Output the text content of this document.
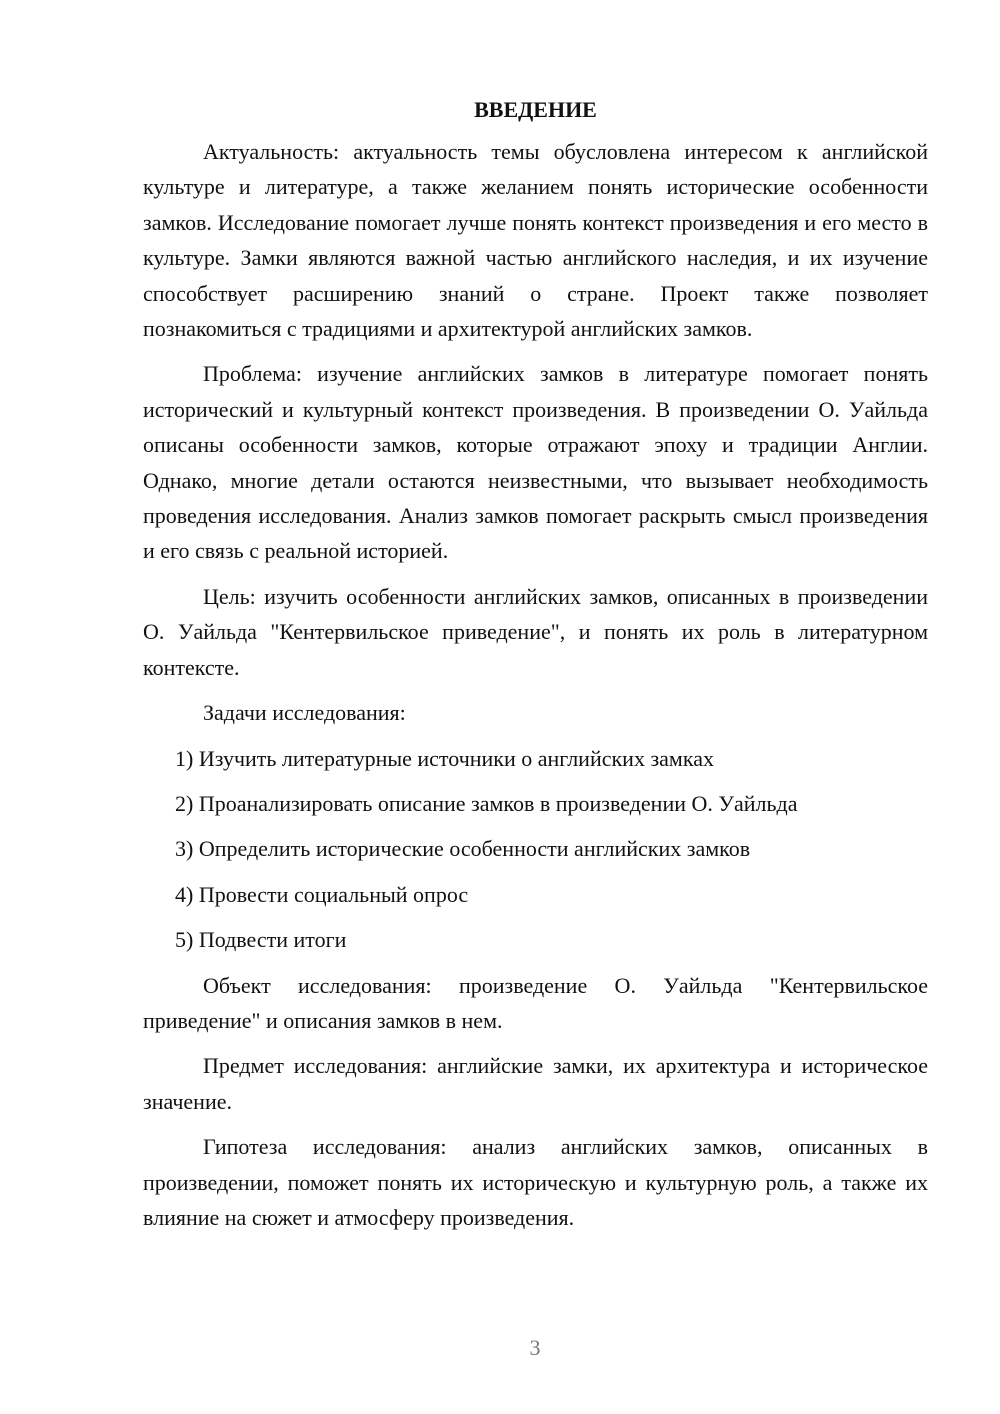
ВВЕДЕНИЕ

Актуальность: актуальность темы обусловлена интересом к английской культуре и литературе, а также желанием понять исторические особенности замков. Исследование помогает лучше понять контекст произведения и его место в культуре. Замки являются важной частью английского наследия, и их изучение способствует расширению знаний о стране. Проект также позволяет познакомиться с традициями и архитектурой английских замков.

Проблема: изучение английских замков в литературе помогает понять исторический и культурный контекст произведения. В произведении О. Уайльда описаны особенности замков, которые отражают эпоху и традиции Англии. Однако, многие детали остаются неизвестными, что вызывает необходимость проведения исследования. Анализ замков помогает раскрыть смысл произведения и его связь с реальной историей.

Цель: изучить особенности английских замков, описанных в произведении О. Уайльда "Кентервильское приведение", и понять их роль в литературном контексте.

Задачи исследования:

1) Изучить литературные источники о английских замках

2) Проанализировать описание замков в произведении О. Уайльда

3) Определить исторические особенности английских замков

4) Провести социальный опрос

5) Подвести итоги

Объект исследования: произведение О. Уайльда "Кентервильское приведение" и описания замков в нем.

Предмет исследования: английские замки, их архитектура и историческое значение.

Гипотеза исследования: анализ английских замков, описанных в произведении, поможет понять их историческую и культурную роль, а также их влияние на сюжет и атмосферу произведения.

3
